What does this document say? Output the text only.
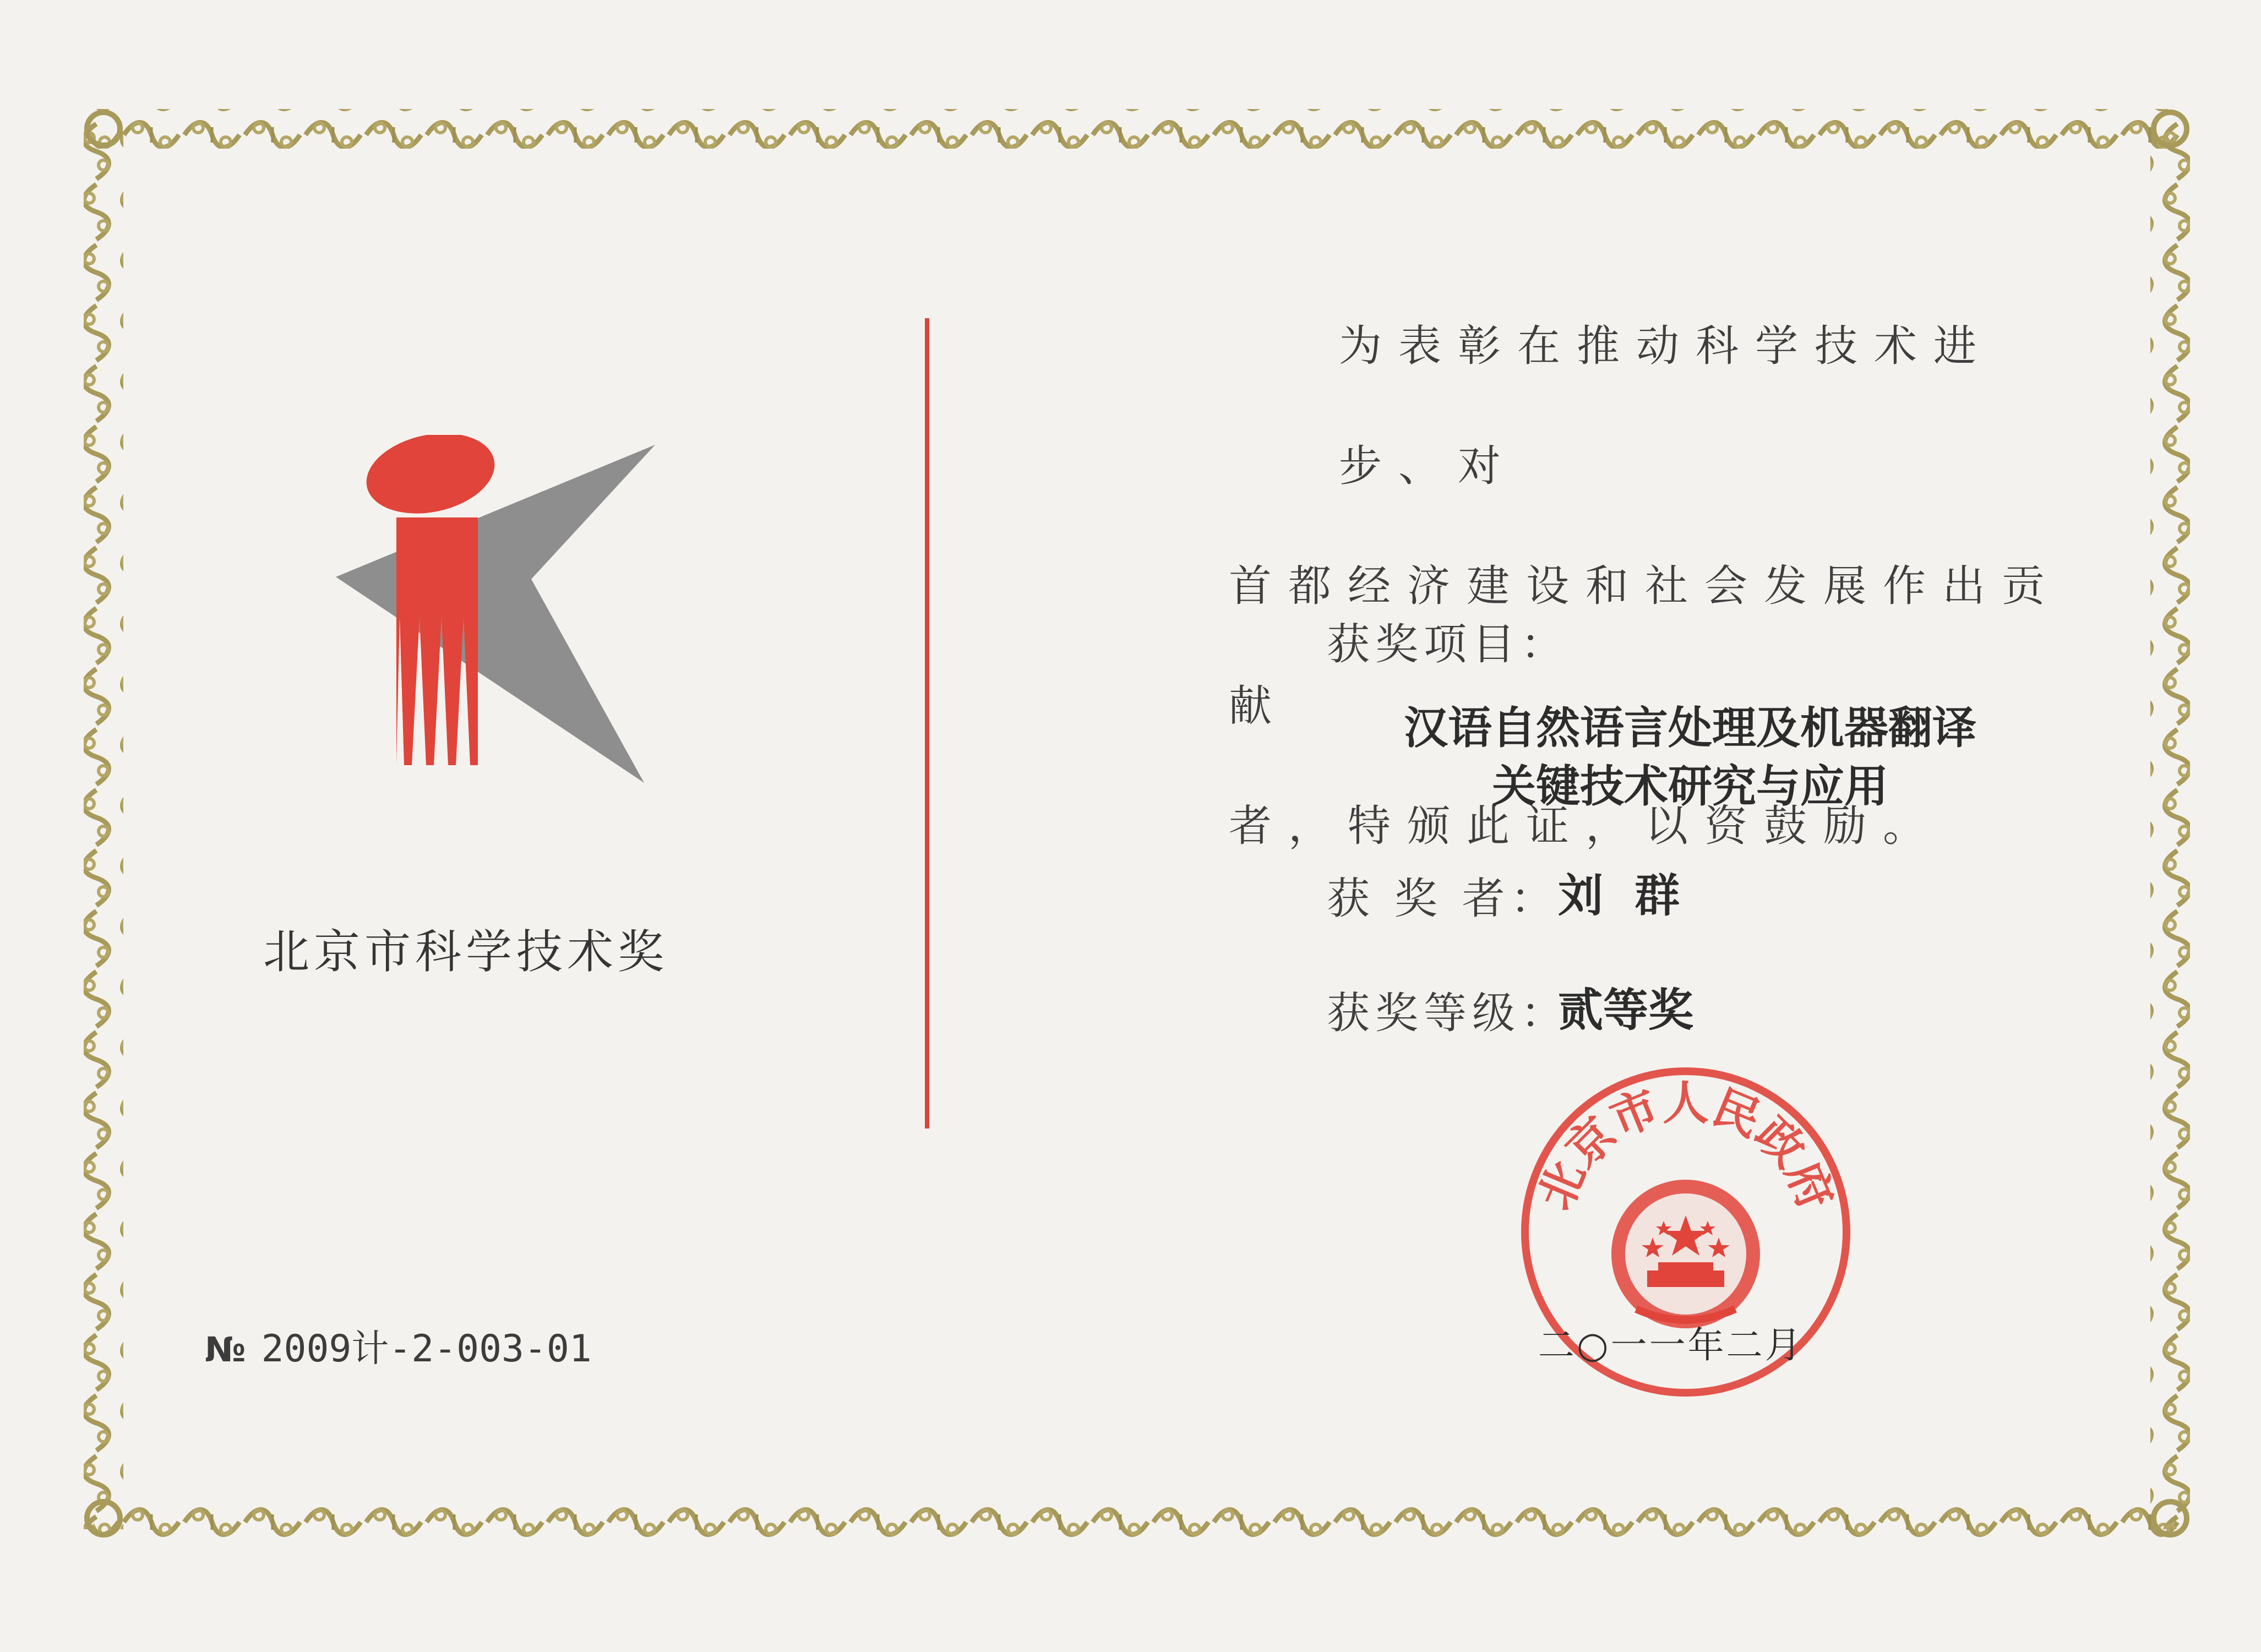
北京市科学技术奖
№ 2009计-2-003-01
为表彰在推动科学技术进步、对
首都经济建设和社会发展作出贡献
者，特颁此证，以资鼓励。
获奖项目：
汉语自然语言处理及机器翻译
关键技术研究与应用
获 奖 者：
刘  群
获奖等级：
贰等奖
北京市人民政府
二○一一年二月
